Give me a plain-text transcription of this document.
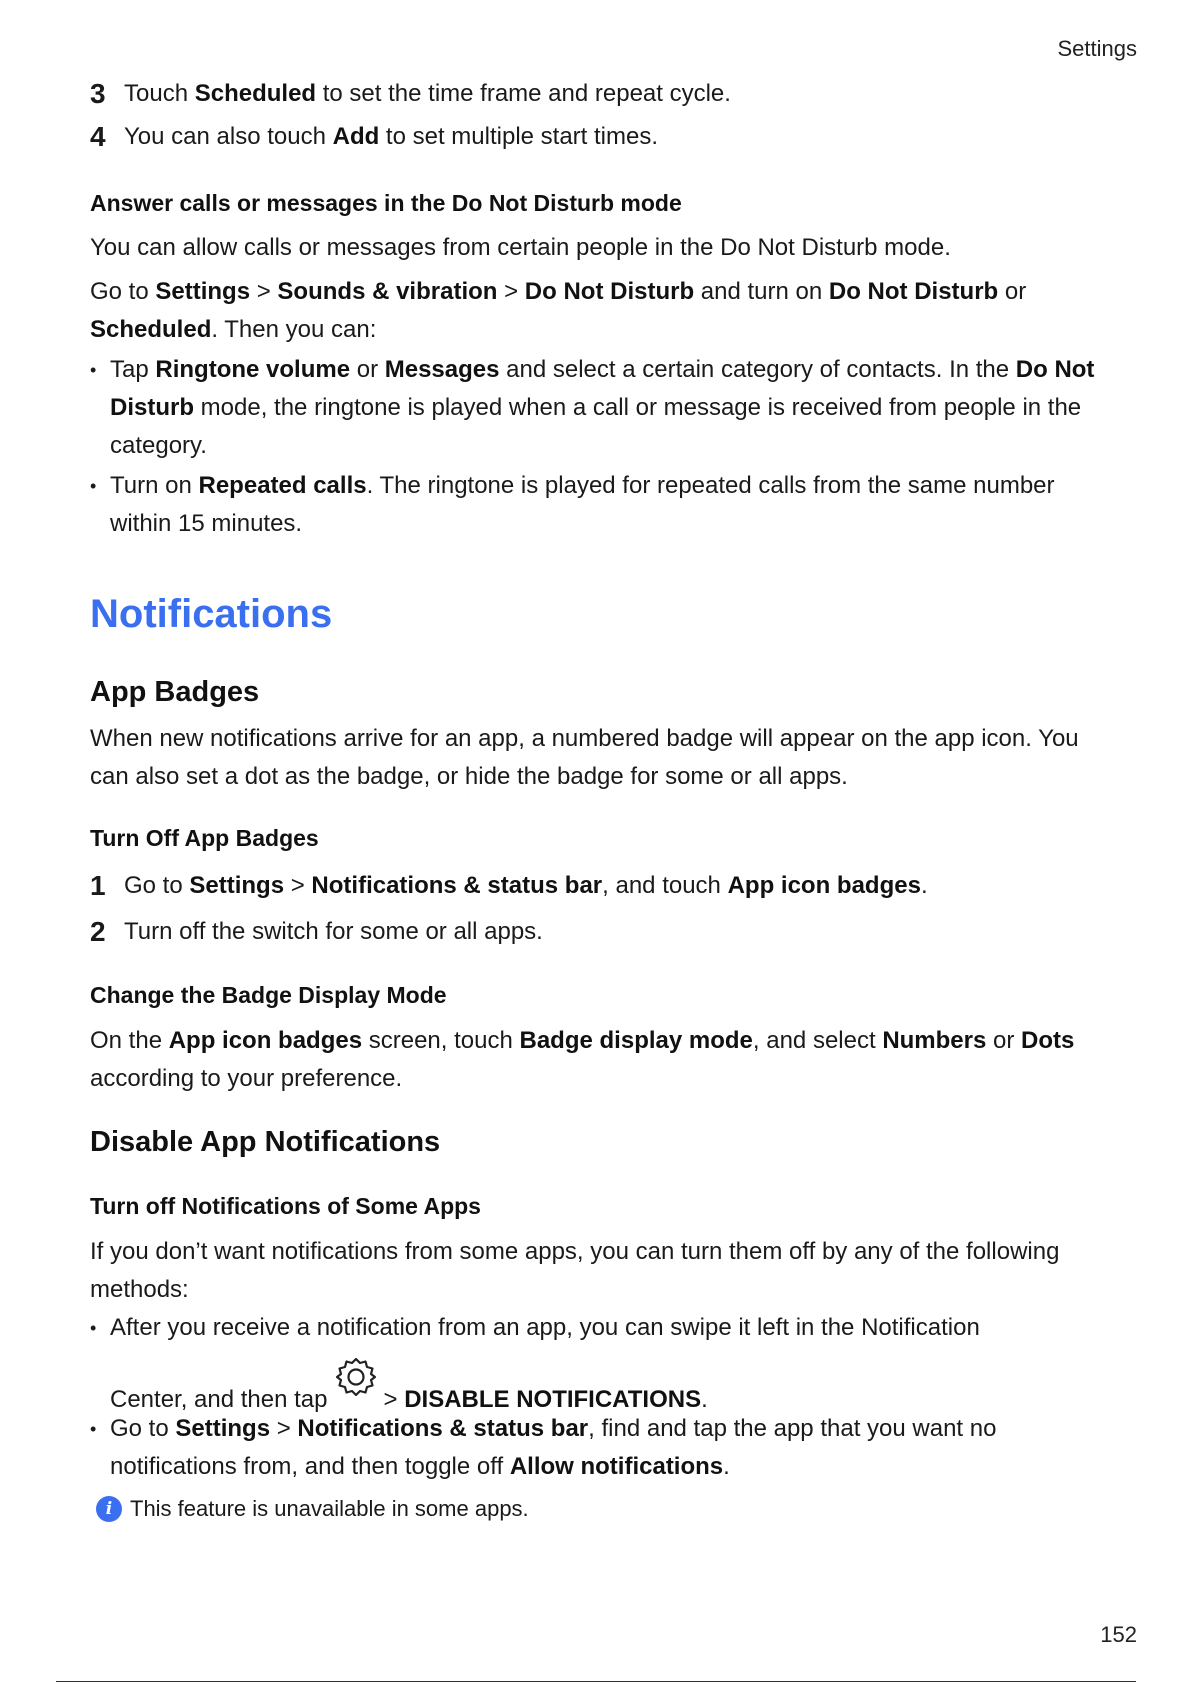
Settings
3 Touch Scheduled to set the time frame and repeat cycle.
4 You can also touch Add to set multiple start times.
Answer calls or messages in the Do Not Disturb mode
You can allow calls or messages from certain people in the Do Not Disturb mode.
Go to Settings > Sounds & vibration > Do Not Disturb and turn on Do Not Disturb or Scheduled. Then you can:
• Tap Ringtone volume or Messages and select a certain category of contacts. In the Do Not Disturb mode, the ringtone is played when a call or message is received from people in the category.
• Turn on Repeated calls. The ringtone is played for repeated calls from the same number within 15 minutes.
Notifications
App Badges
When new notifications arrive for an app, a numbered badge will appear on the app icon. You can also set a dot as the badge, or hide the badge for some or all apps.
Turn Off App Badges
1 Go to Settings > Notifications & status bar, and touch App icon badges.
2 Turn off the switch for some or all apps.
Change the Badge Display Mode
On the App icon badges screen, touch Badge display mode, and select Numbers or Dots according to your preference.
Disable App Notifications
Turn off Notifications of Some Apps
If you don’t want notifications from some apps, you can turn them off by any of the following methods:
• After you receive a notification from an app, you can swipe it left in the Notification
Center, and then tap > DISABLE NOTIFICATIONS.
• Go to Settings > Notifications & status bar, find and tap the app that you want no notifications from, and then toggle off Allow notifications.
i This feature is unavailable in some apps.
152
